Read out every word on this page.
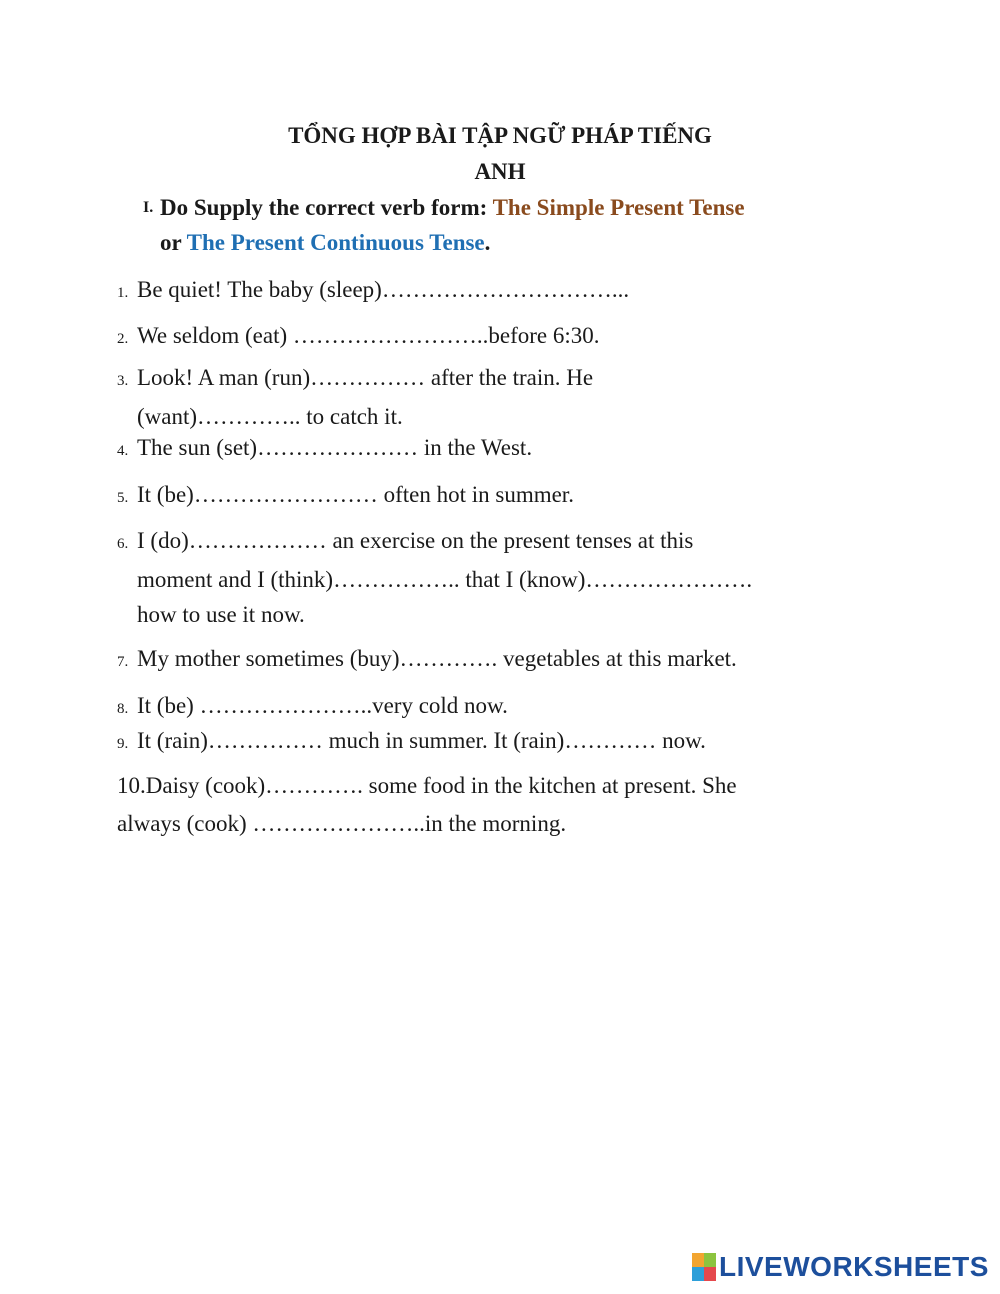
TỔNG HỢP BÀI TẬP NGỮ PHÁP TIẾNG
ANH
I. Do Supply the correct verb form: The Simple Present Tense
or The Present Continuous Tense.
1. Be quiet! The baby (sleep)…………………………...
2. We seldom (eat) ……………………..before 6:30.
3. Look! A man (run)…………… after the train. He
(want)………….. to catch it.
4. The sun (set)………………… in the West.
5. It (be)…………………… often hot in summer.
6. I (do)……………… an exercise on the present tenses at this
moment and I (think)…………….. that I (know)………………….
how to use it now.
7. My mother sometimes (buy)…………. vegetables at this market.
8. It (be) …………………..very cold now.
9. It (rain)…………… much in summer. It (rain)………… now.
10.Daisy (cook)…………. some food in the kitchen at present. She
always (cook) …………………..in the morning.
LIVEWORKSHEETS
